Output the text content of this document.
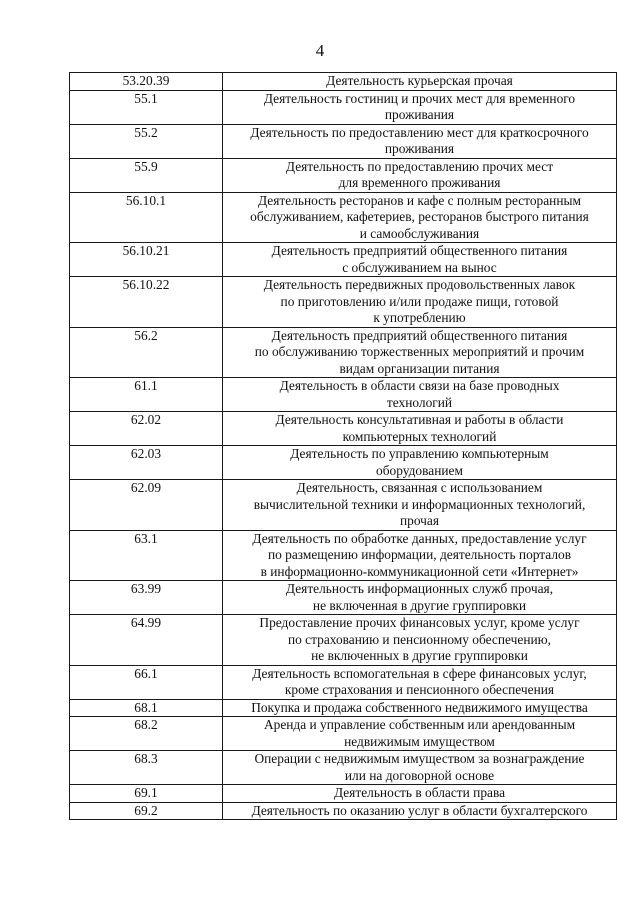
4
53.20.39	Деятельность курьерская прочая

55.1	Деятельность гостиниц и прочих мест для временного
проживания

55.2	Деятельность по предоставлению мест для краткосрочного
проживания

55.9	Деятельность по предоставлению прочих мест
для временного проживания

56.10.1	Деятельность ресторанов и кафе с полным ресторанным
обслуживанием, кафетериев, ресторанов быстрого питания
и самообслуживания

56.10.21	Деятельность предприятий общественного питания
с обслуживанием на вынос

56.10.22	Деятельность передвижных продовольственных лавок
по приготовлению и/или продаже пищи, готовой
к употреблению

56.2	Деятельность предприятий общественного питания
по обслуживанию торжественных мероприятий и прочим
видам организации питания

61.1	Деятельность в области связи на базе проводных
технологий

62.02	Деятельность консультативная и работы в области
компьютерных технологий

62.03	Деятельность по управлению компьютерным
оборудованием

62.09	Деятельность, связанная с использованием
вычислительной техники и информационных технологий,
прочая

63.1	Деятельность по обработке данных, предоставление услуг
по размещению информации, деятельность порталов
в информационно-коммуникационной сети «Интернет»

63.99	Деятельность информационных служб прочая,
не включенная в другие группировки

64.99	Предоставление прочих финансовых услуг, кроме услуг
по страхованию и пенсионному обеспечению,
не включенных в другие группировки

66.1	Деятельность вспомогательная в сфере финансовых услуг,
кроме страхования и пенсионного обеспечения

68.1	Покупка и продажа собственного недвижимого имущества

68.2	Аренда и управление собственным или арендованным
недвижимым имуществом

68.3	Операции с недвижимым имуществом за вознаграждение
или на договорной основе

69.1	Деятельность в области права

69.2	Деятельность по оказанию услуг в области бухгалтерского
